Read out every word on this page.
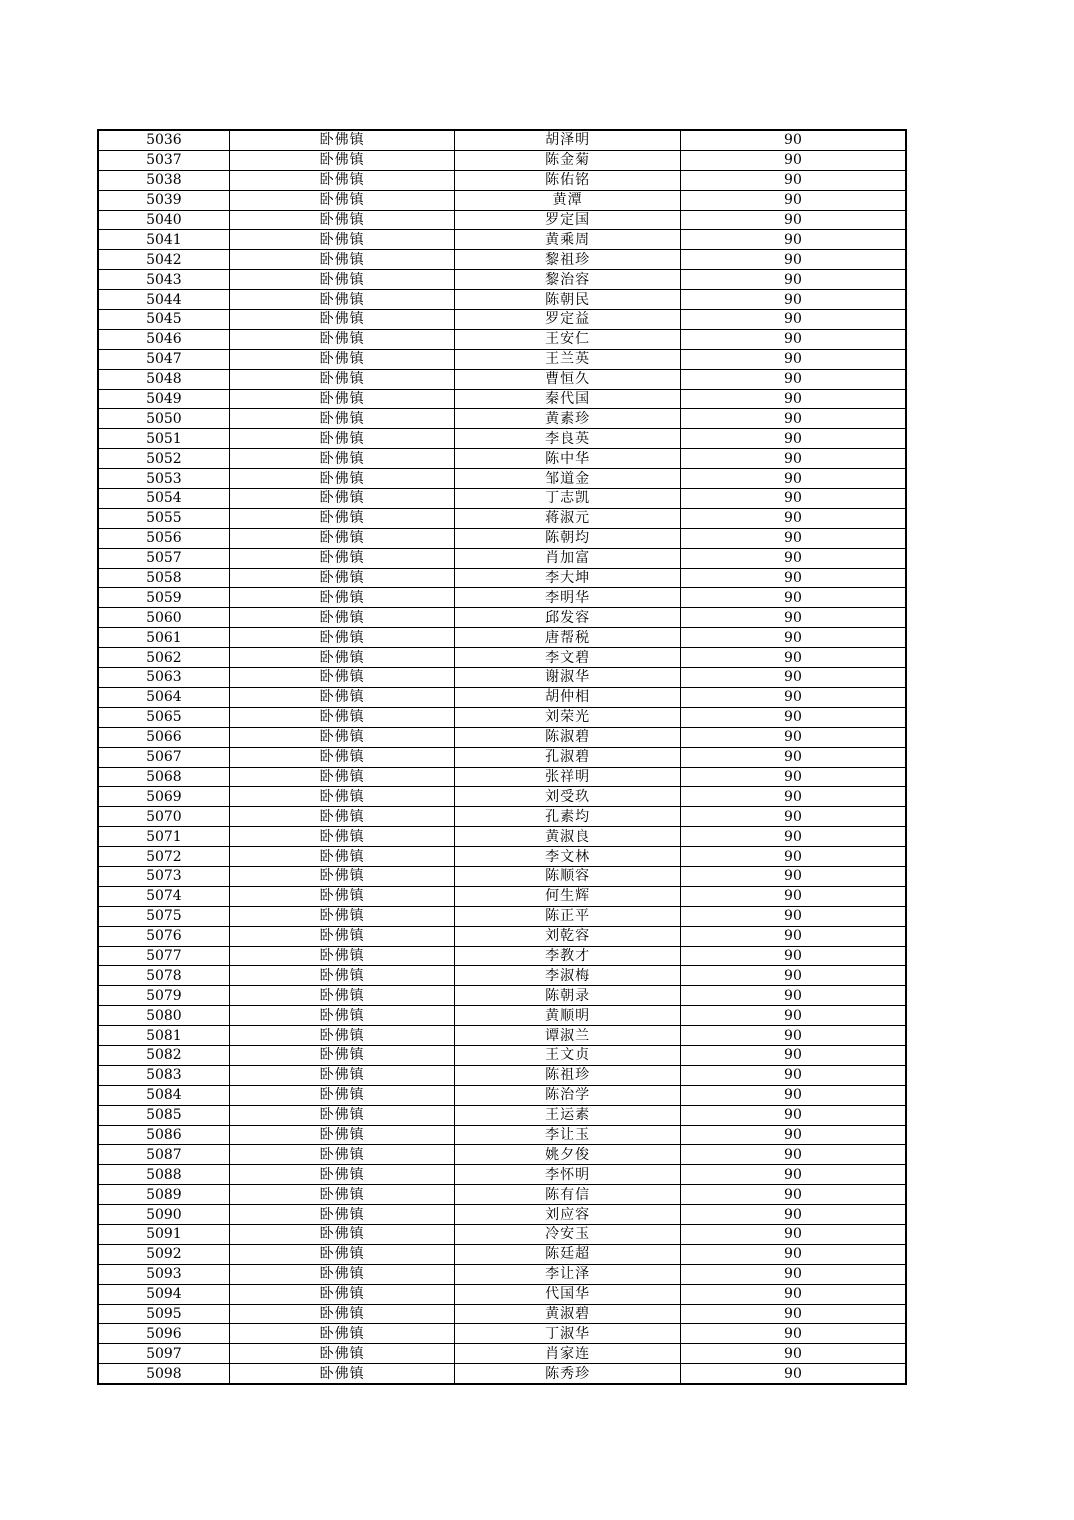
5036	卧佛镇	胡泽明	90
5037	卧佛镇	陈金菊	90
5038	卧佛镇	陈佑铭	90
5039	卧佛镇	黄潭	90
5040	卧佛镇	罗定国	90
5041	卧佛镇	黄乘周	90
5042	卧佛镇	黎祖珍	90
5043	卧佛镇	黎治容	90
5044	卧佛镇	陈朝民	90
5045	卧佛镇	罗定益	90
5046	卧佛镇	王安仁	90
5047	卧佛镇	王兰英	90
5048	卧佛镇	曹恒久	90
5049	卧佛镇	秦代国	90
5050	卧佛镇	黄素珍	90
5051	卧佛镇	李良英	90
5052	卧佛镇	陈中华	90
5053	卧佛镇	邹道金	90
5054	卧佛镇	丁志凯	90
5055	卧佛镇	蒋淑元	90
5056	卧佛镇	陈朝均	90
5057	卧佛镇	肖加富	90
5058	卧佛镇	李大坤	90
5059	卧佛镇	李明华	90
5060	卧佛镇	邱发容	90
5061	卧佛镇	唐帮税	90
5062	卧佛镇	李文碧	90
5063	卧佛镇	谢淑华	90
5064	卧佛镇	胡仲相	90
5065	卧佛镇	刘荣光	90
5066	卧佛镇	陈淑碧	90
5067	卧佛镇	孔淑碧	90
5068	卧佛镇	张祥明	90
5069	卧佛镇	刘受玖	90
5070	卧佛镇	孔素均	90
5071	卧佛镇	黄淑良	90
5072	卧佛镇	李文林	90
5073	卧佛镇	陈顺容	90
5074	卧佛镇	何生辉	90
5075	卧佛镇	陈正平	90
5076	卧佛镇	刘乾容	90
5077	卧佛镇	李教才	90
5078	卧佛镇	李淑梅	90
5079	卧佛镇	陈朝录	90
5080	卧佛镇	黄顺明	90
5081	卧佛镇	谭淑兰	90
5082	卧佛镇	王文贞	90
5083	卧佛镇	陈祖珍	90
5084	卧佛镇	陈治学	90
5085	卧佛镇	王运素	90
5086	卧佛镇	李让玉	90
5087	卧佛镇	姚夕俊	90
5088	卧佛镇	李怀明	90
5089	卧佛镇	陈有信	90
5090	卧佛镇	刘应容	90
5091	卧佛镇	冷安玉	90
5092	卧佛镇	陈廷超	90
5093	卧佛镇	李让泽	90
5094	卧佛镇	代国华	90
5095	卧佛镇	黄淑碧	90
5096	卧佛镇	丁淑华	90
5097	卧佛镇	肖家连	90
5098	卧佛镇	陈秀珍	90
